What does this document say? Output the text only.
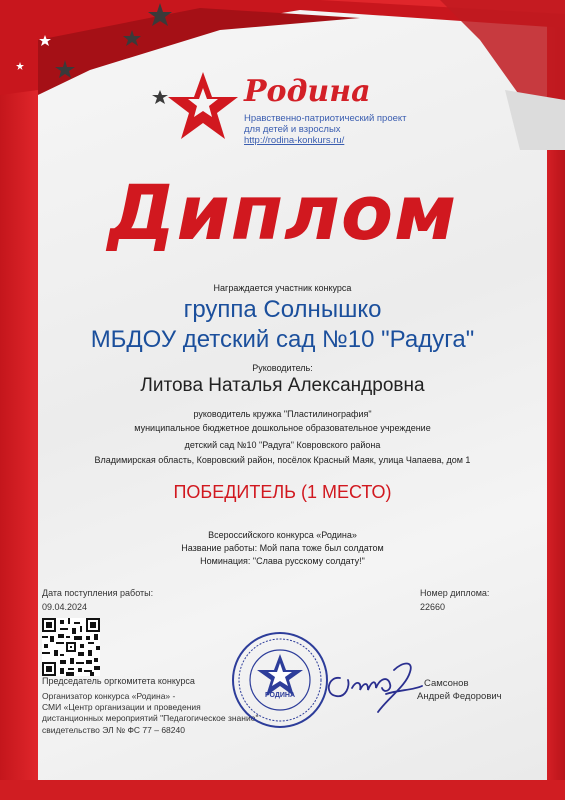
Родина
Нравственно-патриотический проект
для детей и взрослых
http://rodina-konkurs.ru/
Диплом
Награждается участник конкурса
группа Солнышко
МБДОУ детский сад №10 "Радуга"
Руководитель:
Литова Наталья Александровна
руководитель кружка "Пластилинография"
муниципальное бюджетное дошкольное образовательное учреждение
детский сад №10 "Радуга" Ковровского района
Владимирская область, Ковровский район, посёлок Красный Маяк, улица Чапаева, дом 1
ПОБЕДИТЕЛЬ (1 МЕСТО)
Всероссийского конкурса «Родина»
Название работы: Мой папа тоже был солдатом
Номинация: "Слава русскому солдату!"
Дата поступления работы:
09.04.2024
Номер диплома:
22660
Председатель оргкомитета конкурса
Организатор конкурса «Родина» -
СМИ «Центр организации и проведения
дистанционных мероприятий "Педагогическое знание"
свидетельство ЭЛ № ФС 77 – 68240
РОДИНА
Самсонов
Андрей Федорович
